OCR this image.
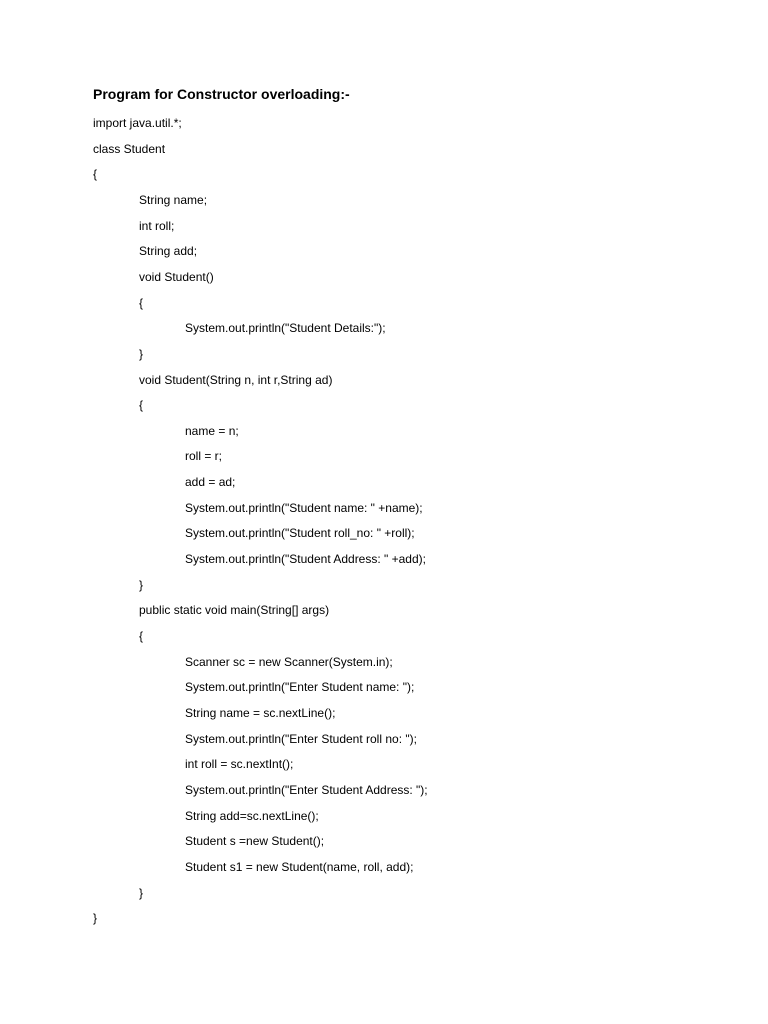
Program for Constructor overloading:-
import java.util.*;
class Student
{
String name;
int roll;
String add;
void Student()
{
System.out.println("Student Details:");
}
void Student(String n, int r,String ad)
{
name = n;
roll = r;
add = ad;
System.out.println("Student name: " +name);
System.out.println("Student roll_no: " +roll);
System.out.println("Student Address: " +add);
}
public static void main(String[] args)
{
Scanner sc = new Scanner(System.in);
System.out.println("Enter Student name: ");
String name = sc.nextLine();
System.out.println("Enter Student roll no: ");
int roll = sc.nextInt();
System.out.println("Enter Student Address: ");
String add=sc.nextLine();
Student s =new Student();
Student s1 = new Student(name, roll, add);
}
}
